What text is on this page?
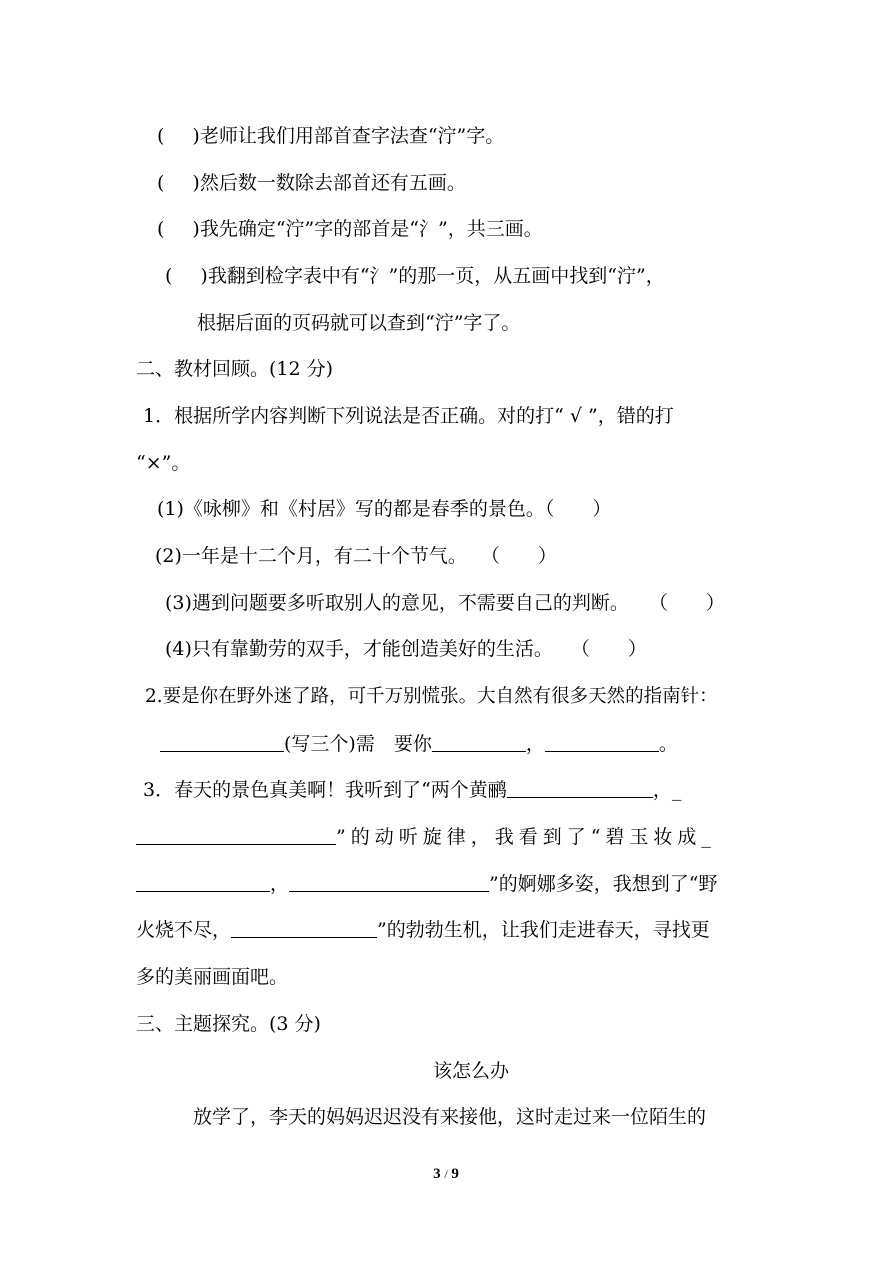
( )老师让我们用部首查字法查“泞”字。
( )然后数一数除去部首还有五画。
( )我先确定“泞”字的部首是“氵”，共三画。
( )我翻到检字表中有“氵”的那一页，从五画中找到“泞”，
根据后面的页码就可以查到“泞”字了。
二、教材回顾。(12 分)
1．根据所学内容判断下列说法是否正确。对的打“ √ ”，错的打
“×”。
(1)《咏柳》和《村居》写的都是春季的景色。（　　）
(2)一年是十二个月，有二十个节气。 （　　）
(3)遇到问题要多听取别人的意见，不需要自己的判断。 （　　）
(4)只有靠勤劳的双手，才能创造美好的生活。 （　　）
2.要是你在野外迷了路，可千万别慌张。大自然有很多天然的指南针：
(写三个)需　要你	，	。
3．春天的景色真美啊！我听到了“两个黄鹂	，_
”的动听旋律，我看到了“碧玉妆成_
，	”的婀娜多姿，我想到了“野
火烧不尽，	”的勃勃生机，让我们走进春天，寻找更
多的美丽画面吧。
三、主题探究。(3 分)
该怎么办
放学了，李天的妈妈迟迟没有来接他，这时走过来一位陌生的
3 / 9
